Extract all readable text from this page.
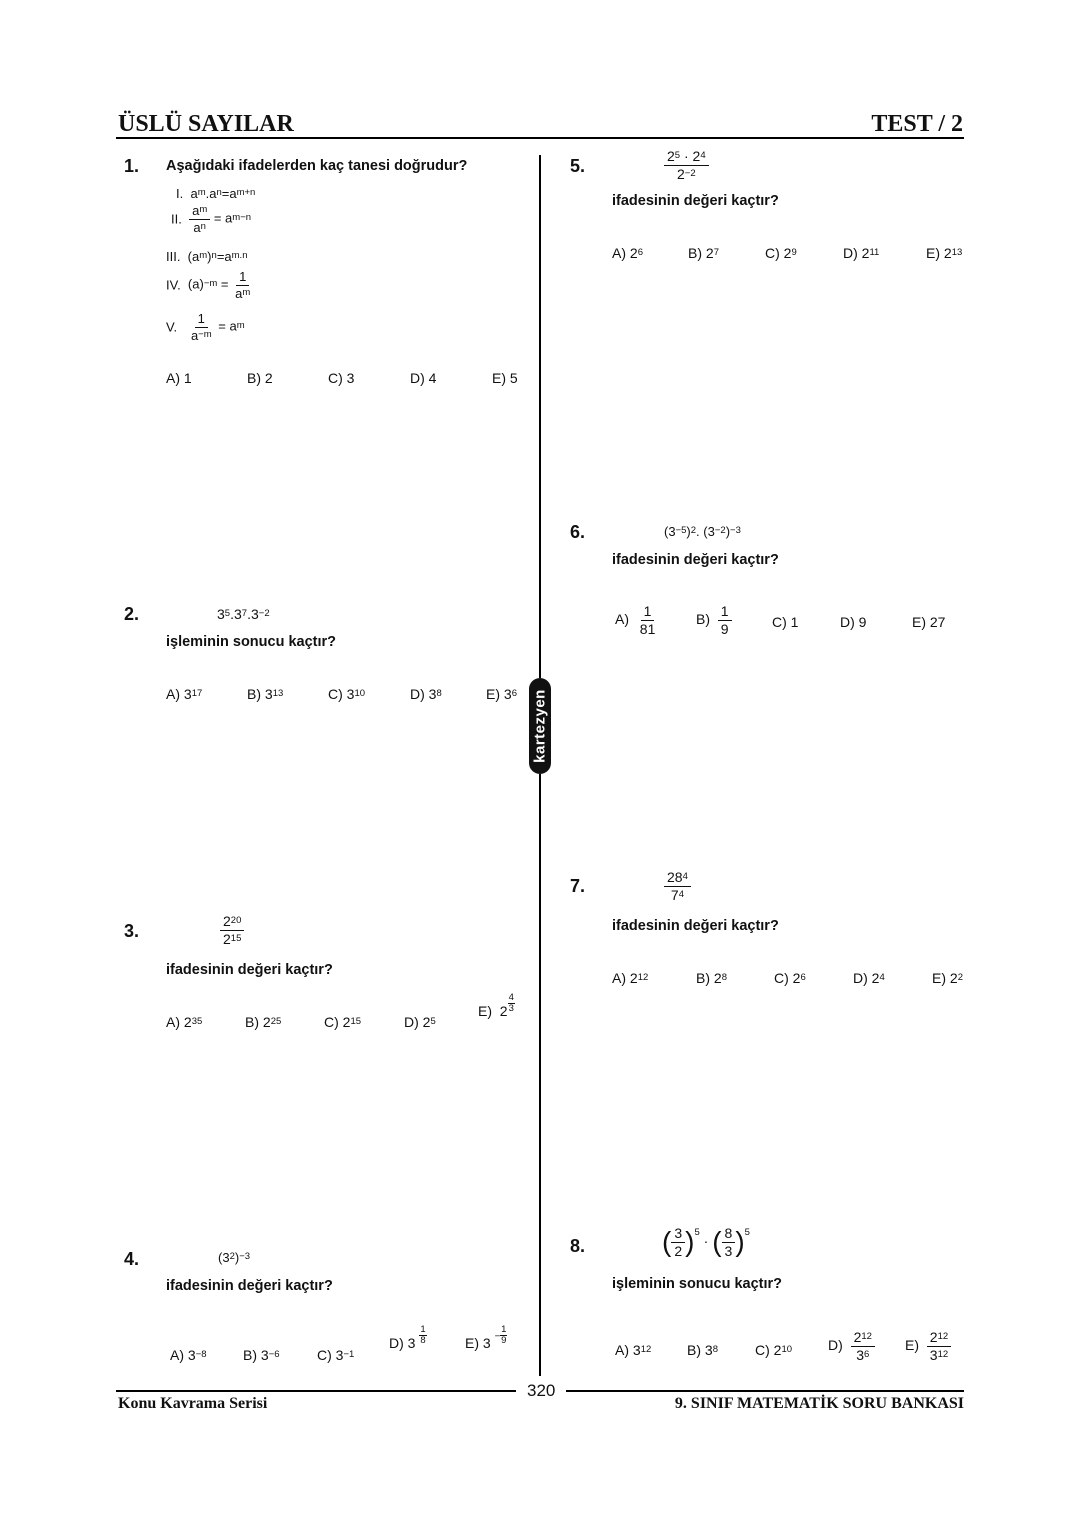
ÜSLÜ SAYILAR	TEST / 2
kartezyen
1. Aşağıdaki ifadelerden kaç tanesi doğrudur?
I.  $a^m.a^n=a^{m+n}$
II. $\frac{a^m}{a^n} = a^{m-n}$
III.  $(a^m)^n=a^{m.n}$
IV.  $(a)^{-m} = \frac{1}{a^m}$
V. $\frac{1}{a^{-m}} = a^m$
A) 1	B) 2	C) 3	D) 4	E) 5
2.	$3^5.3^7.3^{-2}$
işleminin sonucu kaçtır?
A) $3^{17}$	B) $3^{13}$	C) $3^{10}$	D) $3^8$	E) $3^6$
3.	$\frac{2^{20}}{2^{15}}$
ifadesinin değeri kaçtır?
A) $2^{35}$	B) $2^{25}$	C) $2^{15}$	D) $2^5$
E)  $2 \frac{4}{3}$
4.	$(3^2)^{-3}$
ifadesinin değeri kaçtır?
A) $3^{-8}$	B) $3^{-6}$	C) $3^{-1}$
D) $3 \frac{1}{8}$	E) 3 $^- \frac{1}{9}$
5.	$\frac{2^5 \cdot 2^4}{2^{-2}}$
ifadesinin değeri kaçtır?
A) $2^6$	B) $2^7$	C) $2^9$	D) $2^{11}$	E) $2^{13}$
6.	$(3^{-5})^2$. $(3^{-2})^{-3}$
ifadesinin değeri kaçtır?
$A) \frac{1}{81}$	$B) \frac{1}{9}$	C) 1	D) 9	E) 27
7.	$\frac{28^4}{7^4}$
ifadesinin değeri kaçtır?
A) $2^{12}$	B) $2^8$	C) $2^6$	D) $2^4$	E) $2^2$
8.	( $\frac{3}{2} )^5$ · ( $\frac{8}{3} )^5$
işleminin sonucu kaçtır?
A) $3^{12}$	B) $3^8$	C) $2^{10}$	$D) \frac{2^{12}}{3^6} E) \frac{2^{12}}{3^{12}}$
320
Konu Kavrama Serisi	9. SINIF MATEMATİK SORU BANKASI
